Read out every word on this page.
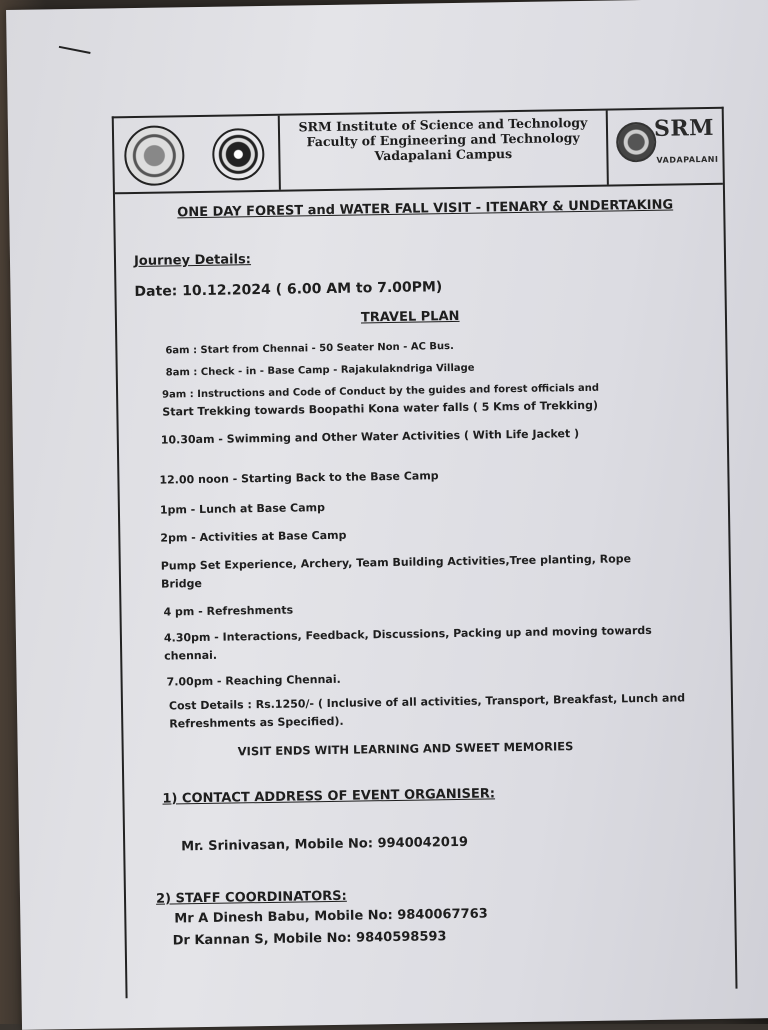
SRM Institute of Science and Technology
Faculty of Engineering and Technology
Vadapalani Campus
SRM
VADAPALANI
ONE DAY FOREST and WATER FALL VISIT - ITENARY & UNDERTAKING
Journey Details:
Date: 10.12.2024 ( 6.00 AM to 7.00PM)
TRAVEL PLAN
6am : Start from Chennai - 50 Seater Non - AC Bus.
8am : Check - in - Base Camp - Rajakulakndriga Village
9am : Instructions and Code of Conduct by the guides and forest officials and
Start Trekking towards Boopathi Kona water falls ( 5 Kms of Trekking)
10.30am - Swimming and Other Water Activities ( With Life Jacket )
12.00 noon - Starting Back to the Base Camp
1pm - Lunch at Base Camp
2pm - Activities at Base Camp
Pump Set Experience, Archery, Team Building Activities,Tree planting, Rope
Bridge
4 pm - Refreshments
4.30pm - Interactions, Feedback, Discussions, Packing up and moving towards
chennai.
7.00pm - Reaching Chennai.
Cost Details : Rs.1250/- ( Inclusive of all activities, Transport, Breakfast, Lunch and
Refreshments as Specified).
VISIT ENDS WITH LEARNING AND SWEET MEMORIES
1) CONTACT ADDRESS OF EVENT ORGANISER:
Mr. Srinivasan, Mobile No: 9940042019
2) STAFF COORDINATORS:
Mr A Dinesh Babu, Mobile No: 9840067763
Dr Kannan S, Mobile No: 9840598593
